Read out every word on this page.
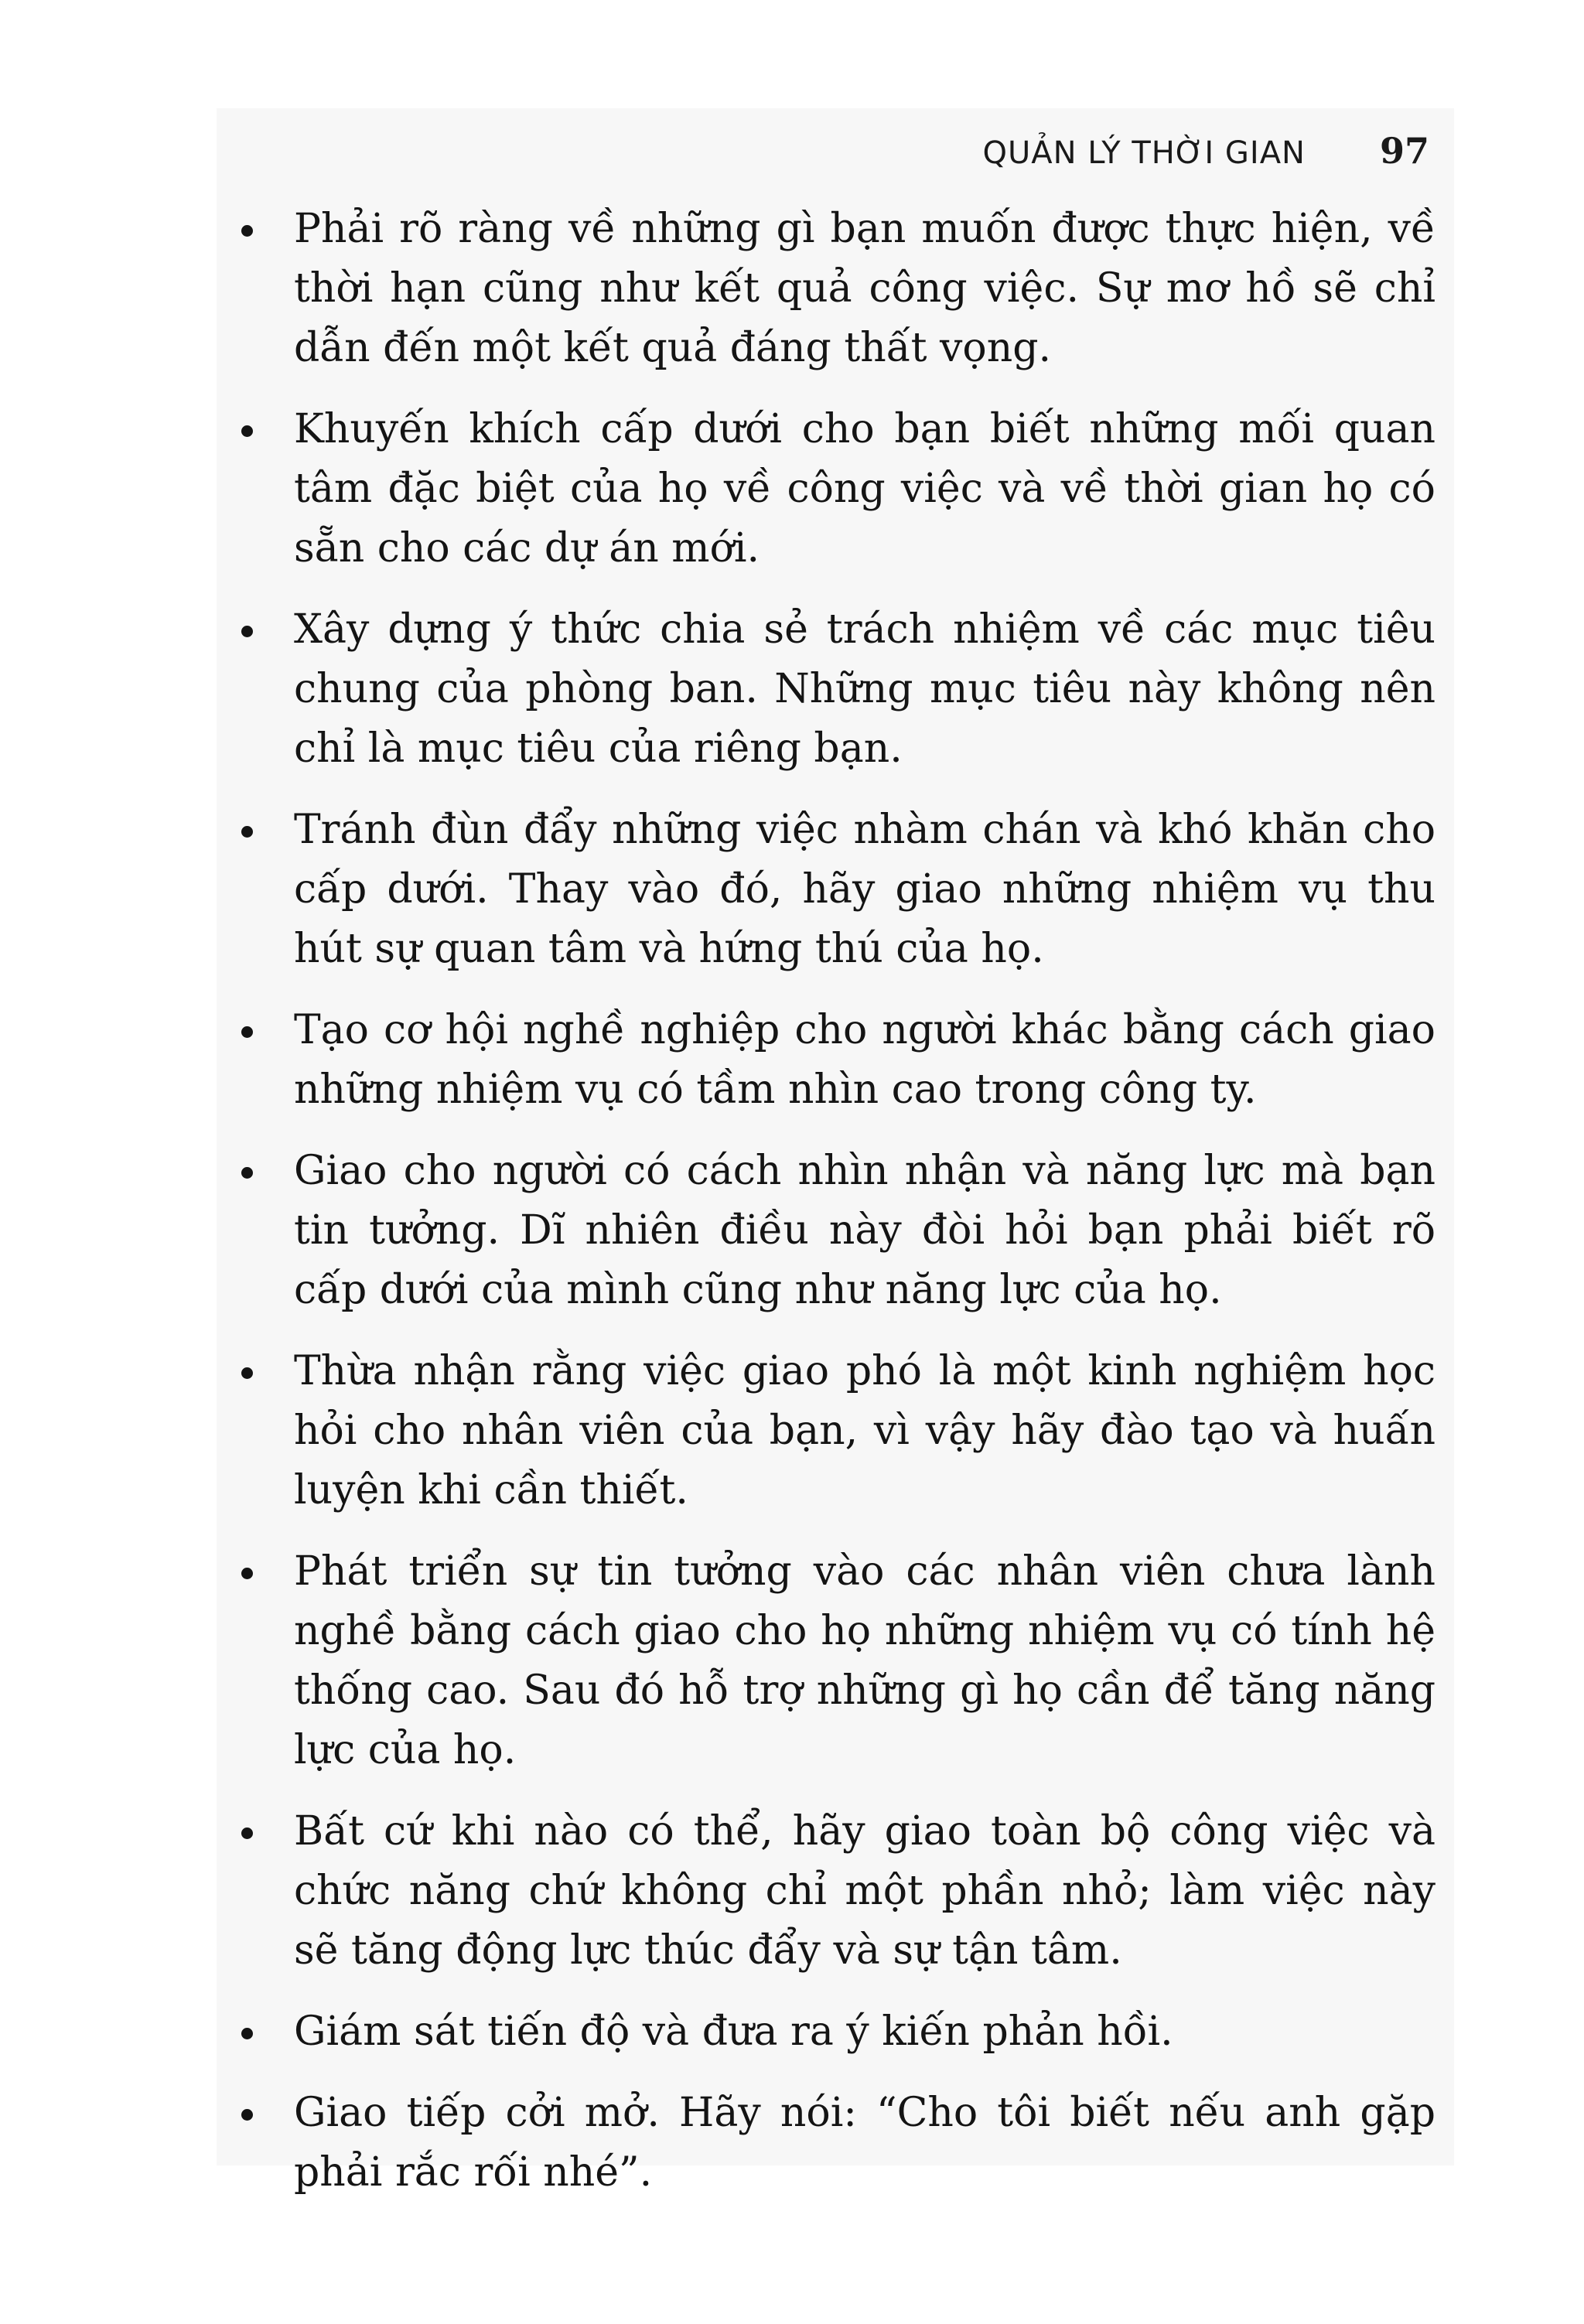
QUẢN LÝ THỜI GIAN 97
Phải rõ ràng về những gì bạn muốn được thực hiện, về thời hạn cũng như kết quả công việc. Sự mơ hồ sẽ chỉ dẫn đến một kết quả đáng thất vọng.
Khuyến khích cấp dưới cho bạn biết những mối quan tâm đặc biệt của họ về công việc và về thời gian họ có sẵn cho các dự án mới.
Xây dựng ý thức chia sẻ trách nhiệm về các mục tiêu chung của phòng ban. Những mục tiêu này không nên chỉ là mục tiêu của riêng bạn.
Tránh đùn đẩy những việc nhàm chán và khó khăn cho cấp dưới. Thay vào đó, hãy giao những nhiệm vụ thu hút sự quan tâm và hứng thú của họ.
Tạo cơ hội nghề nghiệp cho người khác bằng cách giao những nhiệm vụ có tầm nhìn cao trong công ty.
Giao cho người có cách nhìn nhận và năng lực mà bạn tin tưởng. Dĩ nhiên điều này đòi hỏi bạn phải biết rõ cấp dưới của mình cũng như năng lực của họ.
Thừa nhận rằng việc giao phó là một kinh nghiệm học hỏi cho nhân viên của bạn, vì vậy hãy đào tạo và huấn luyện khi cần thiết.
Phát triển sự tin tưởng vào các nhân viên chưa lành nghề bằng cách giao cho họ những nhiệm vụ có tính hệ thống cao. Sau đó hỗ trợ những gì họ cần để tăng năng lực của họ.
Bất cứ khi nào có thể, hãy giao toàn bộ công việc và chức năng chứ không chỉ một phần nhỏ; làm việc này sẽ tăng động lực thúc đẩy và sự tận tâm.
Giám sát tiến độ và đưa ra ý kiến phản hồi.
Giao tiếp cởi mở. Hãy nói: “Cho tôi biết nếu anh gặp phải rắc rối nhé”.
